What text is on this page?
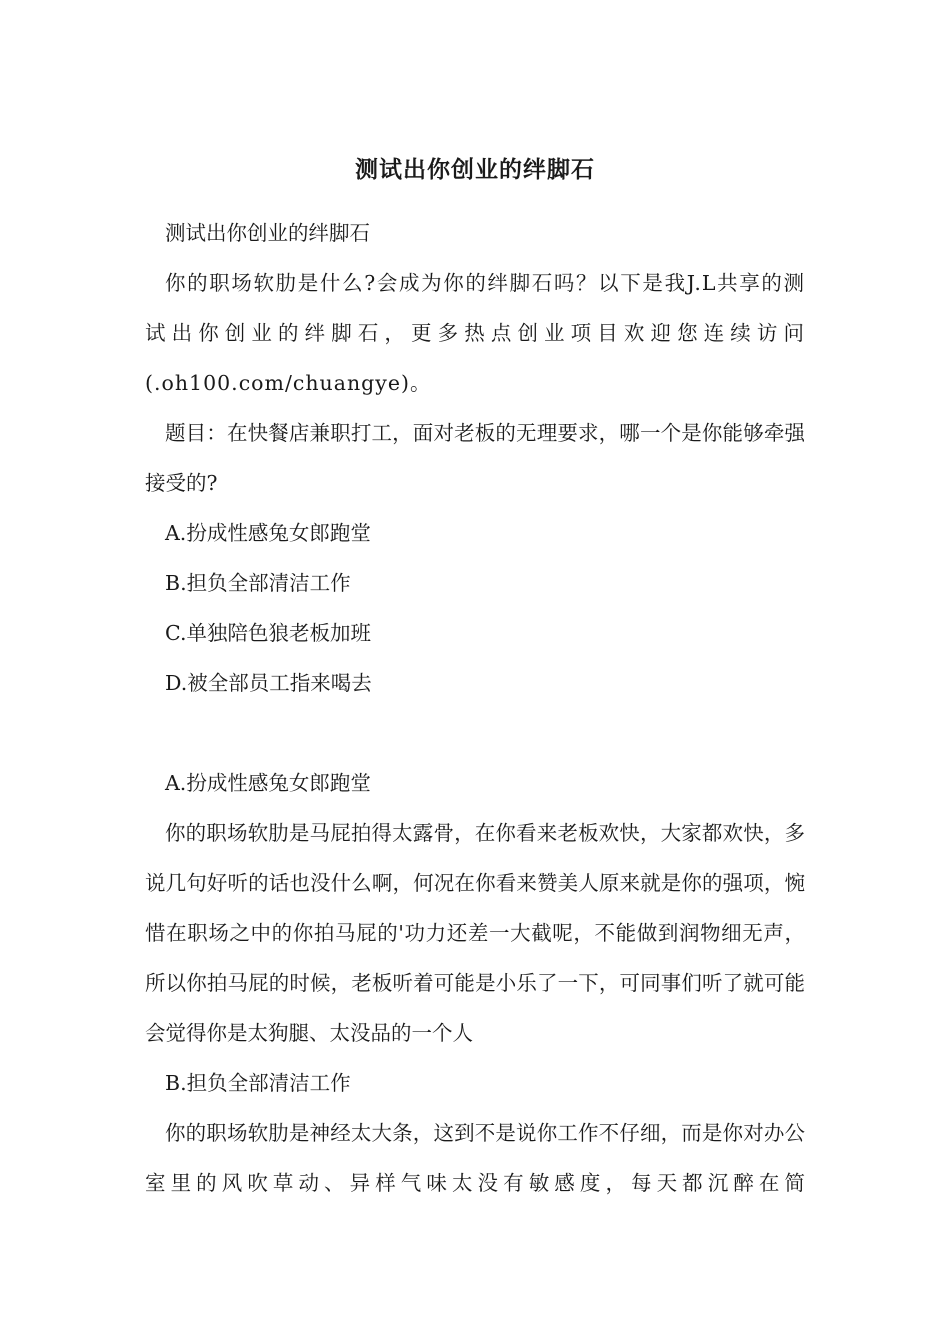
测试出你创业的绊脚石

测试出你创业的绊脚石

你的职场软肋是什么?会成为你的绊脚石吗？以下是我J.L共享的测试出你创业的绊脚石，更多热点创业项目欢迎您连续访问(.oh100.com/chuangye)。

题目：在快餐店兼职打工，面对老板的无理要求，哪一个是你能够牵强接受的?

A.扮成性感兔女郎跑堂

B.担负全部清洁工作

C.单独陪色狼老板加班

D.被全部员工指来喝去

A.扮成性感兔女郎跑堂

你的职场软肋是马屁拍得太露骨，在你看来老板欢快，大家都欢快，多说几句好听的话也没什么啊，何况在你看来赞美人原来就是你的强项，惋惜在职场之中的你拍马屁的'功力还差一大截呢，不能做到润物细无声，所以你拍马屁的时候，老板听着可能是小乐了一下，可同事们听了就可能会觉得你是太狗腿、太没品的一个人

B.担负全部清洁工作

你的职场软肋是神经太大条，这到不是说你工作不仔细，而是你对办公室里的风吹草动、异样气味太没有敏感度，每天都沉醉在简
